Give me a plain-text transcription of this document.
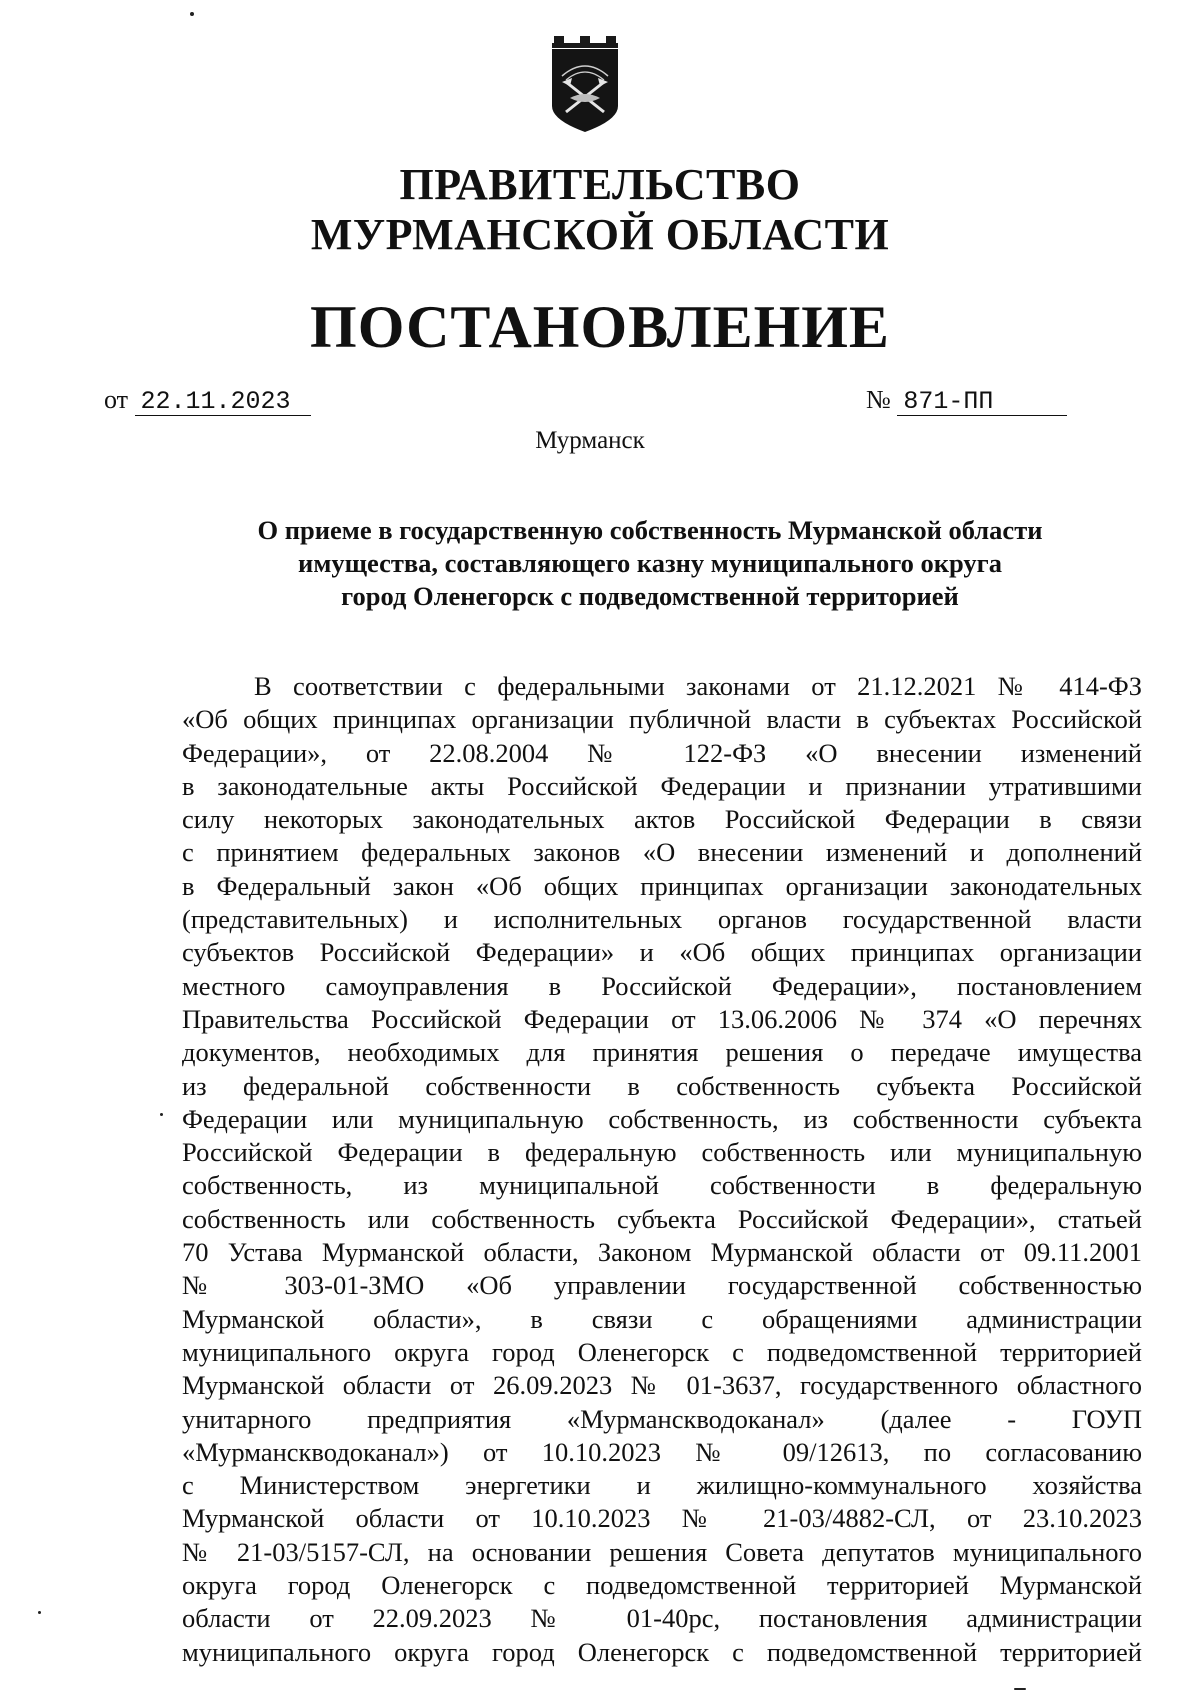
ПРАВИТЕЛЬСТВО
МУРМАНСКОЙ ОБЛАСТИ
ПОСТАНОВЛЕНИЕ
от 22.11.2023	№ 871-ПП
Мурманск
О приеме в государственную собственность Мурманской области
имущества, составляющего казну муниципального округа
город Оленегорск с подведомственной территорией
В соответствии с федеральными законами от 21.12.2021 № 414-ФЗ
«Об общих принципах организации публичной власти в субъектах Российской
Федерации», от 22.08.2004 № 122-ФЗ «О внесении изменений
в законодательные акты Российской Федерации и признании утратившими
силу некоторых законодательных актов Российской Федерации в связи
с принятием федеральных законов «О внесении изменений и дополнений
в Федеральный закон «Об общих принципах организации законодательных
(представительных) и исполнительных органов государственной власти
субъектов Российской Федерации» и «Об общих принципах организации
местного самоуправления в Российской Федерации», постановлением
Правительства Российской Федерации от 13.06.2006 № 374 «О перечнях
документов, необходимых для принятия решения о передаче имущества
из федеральной собственности в собственность субъекта Российской
Федерации или муниципальную собственность, из собственности субъекта
Российской Федерации в федеральную собственность или муниципальную
собственность, из муниципальной собственности в федеральную
собственность или собственность субъекта Российской Федерации», статьей
70 Устава Мурманской области, Законом Мурманской области от 09.11.2001
№ 303-01-ЗМО «Об управлении государственной собственностью
Мурманской области», в связи с обращениями администрации
муниципального округа город Оленегорск с подведомственной территорией
Мурманской области от 26.09.2023 № 01-3637, государственного областного
унитарного предприятия «Мурманскводоканал» (далее - ГОУП
«Мурманскводоканал») от 10.10.2023 № 09/12613, по согласованию
с Министерством энергетики и жилищно-коммунального хозяйства
Мурманской области от 10.10.2023 № 21-03/4882-СЛ, от 23.10.2023
№ 21-03/5157-СЛ, на основании решения Совета депутатов муниципального
округа город Оленегорск с подведомственной территорией Мурманской
области от 22.09.2023 № 01-40рс, постановления администрации
муниципального округа город Оленегорск с подведомственной территорией
